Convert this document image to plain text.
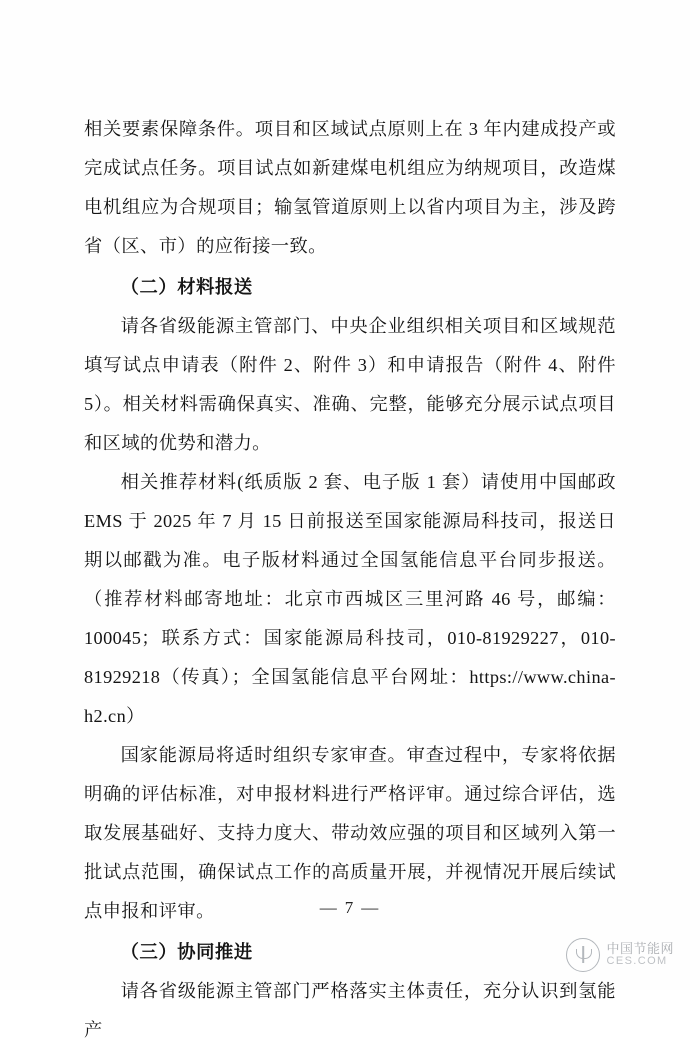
相关要素保障条件。项目和区域试点原则上在 3 年内建成投产或完成试点任务。项目试点如新建煤电机组应为纳规项目，改造煤电机组应为合规项目；输氢管道原则上以省内项目为主，涉及跨省（区、市）的应衔接一致。

（二）材料报送

请各省级能源主管部门、中央企业组织相关项目和区域规范填写试点申请表（附件 2、附件 3）和申请报告（附件 4、附件 5）。相关材料需确保真实、准确、完整，能够充分展示试点项目和区域的优势和潜力。

相关推荐材料(纸质版 2 套、电子版 1 套）请使用中国邮政 EMS 于 2025 年 7 月 15 日前报送至国家能源局科技司，报送日期以邮戳为准。电子版材料通过全国氢能信息平台同步报送。（推荐材料邮寄地址：北京市西城区三里河路 46 号，邮编：100045；联系方式：国家能源局科技司，010-81929227，010-81929218（传真）；全国氢能信息平台网址：https://www.china-h2.cn）

国家能源局将适时组织专家审查。审查过程中，专家将依据明确的评估标准，对申报材料进行严格评审。通过综合评估，选取发展基础好、支持力度大、带动效应强的项目和区域列入第一批试点范围，确保试点工作的高质量开展，并视情况开展后续试点申报和评审。

（三）协同推进

请各省级能源主管部门严格落实主体责任，充分认识到氢能产

— 7 —
中国节能网
CES.COM
